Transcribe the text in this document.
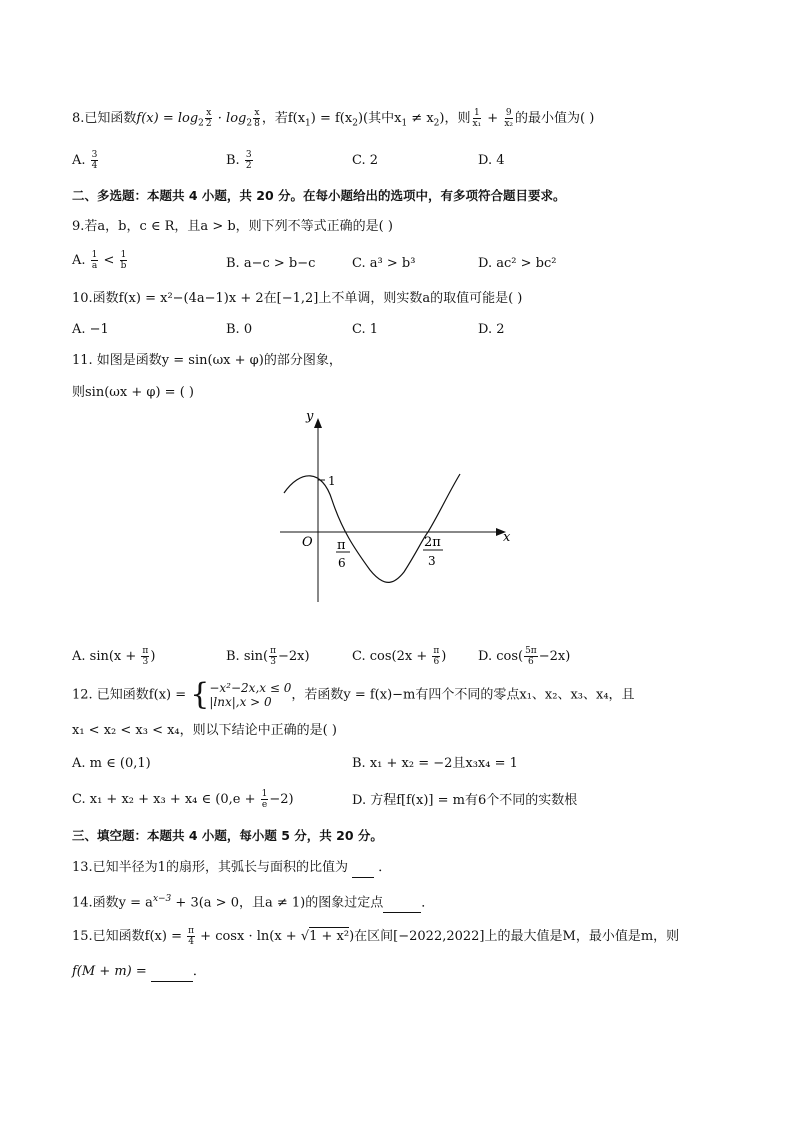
8.已知函数$f(x) = \log_2 \frac{x}{2} \cdot \log_2 \frac{x}{8}$ ，若$f(x_1) = f(x_2)$(其中$x_1 \ne x_2$)，则 $\frac{1}{\text{x₁}} + \frac{9}{\text{x₂}}$ 的最小值为( )
A. $\frac{3}{4}$	B. $\frac{3}{2}$	C. 2	D. 4
二、多选题：本题共 4 小题，共 20 分。在每小题给出的选项中，有多项符合题目要求。
9.若a，b，c ∈ R，且a > b，则下列不等式正确的是( )
A. $\frac{1}{a} < \frac{1}{b}$	B. a−c > b−c	C. a³ > b³	D. ac² > bc²
10.函数f(x) = x²−(4a−1)x + 2在[−1,2]上不单调，则实数a的取值可能是( )
A. −1	B. 0	C. 1	D. 2
11. 如图是函数y = sin(ωx + φ)的部分图象，
则sin(ωx + φ) = ( )
y
x
O
1
π
6
2π
3
A. $\sin(x + \frac{\pi}{3}$ )	B. $\sin( \frac{\pi}{3} -2x)$	C. $\cos(2x + \frac{\pi}{6}$ ) D. $\cos( \frac{5\pi}{6} -2x)$
12. 已知函数f(x) = { −x²−2x,x ≤ 0
|lnx|,x > 0	，若函数y = f(x)−m有四个不同的零点x₁、x₂、x₃、x₄，且
x₁ < x₂ < x₃ < x₄，则以下结论中正确的是( )
A. m ∈ (0,1)	B. x₁ + x₂ = −2且x₃x₄ = 1
C. x₁ + x₂ + x₃ + x₄ ∈ $(0,e + \frac{1}{e} -2)$	D. 方程f[f(x)] = m有6个不同的实数根
三、填空题：本题共 4 小题，每小题 5 分，共 20 分。
13.已知半径为1的扇形，其弧长与面积的比值为 ．
14.函数$y = a^{x-3} + 3(a > 0$，且a ≠ 1)的图象过定点	．
15.已知函数$f(x) = \frac{\pi}{4} + \cos x \cdot \ln(x + √1 + x^2)$在区间[−2022,2022]上的最大值是M，最小值是m，则
f(M + m) =	．
